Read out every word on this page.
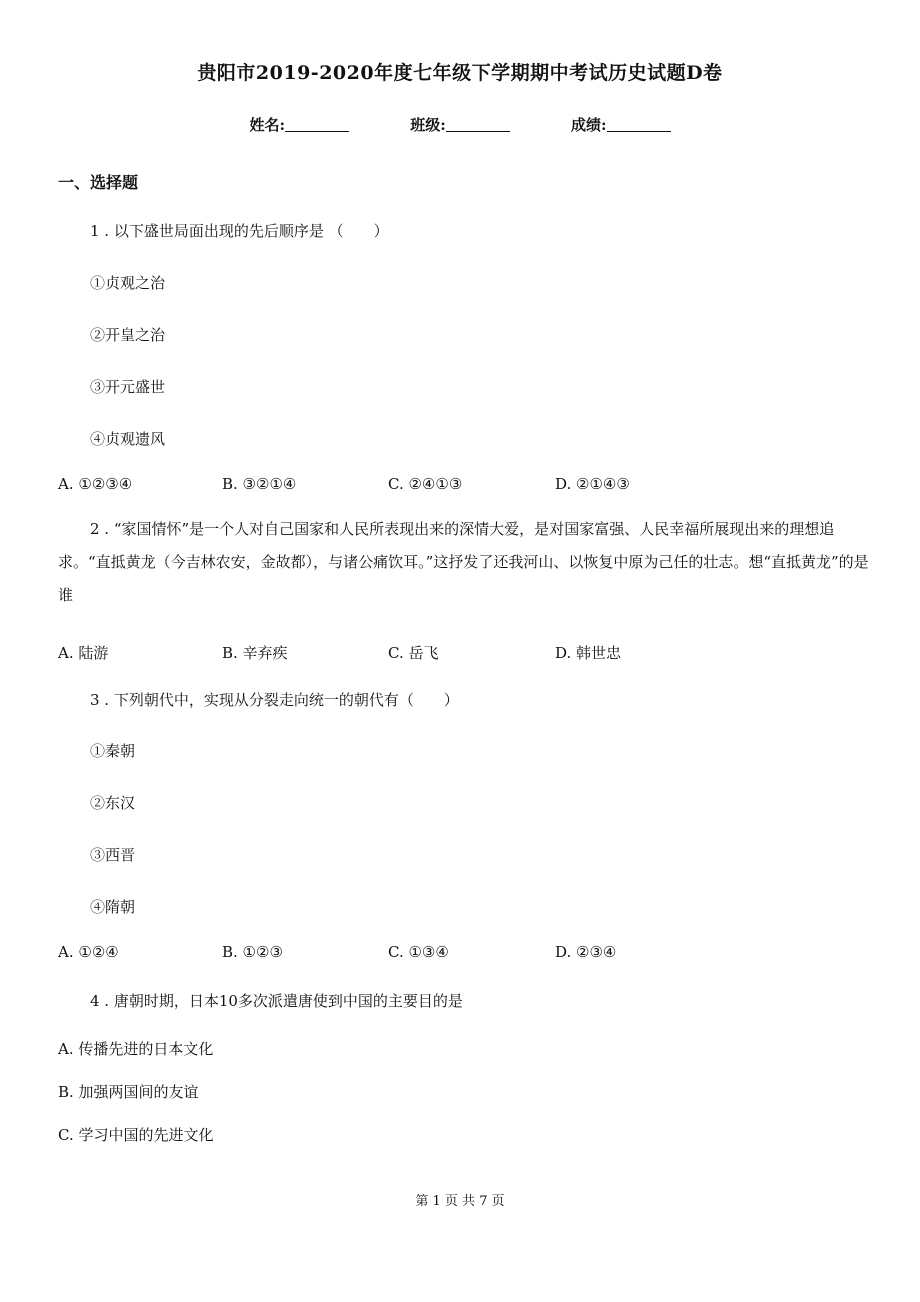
贵阳市2019-2020年度七年级下学期期中考试历史试题D卷
姓名:	班级:	成绩:
一、选择题
1 . 以下盛世局面出现的先后顺序是 （　　）
①贞观之治
②开皇之治
③开元盛世
④贞观遗风
A. ①②③④	B. ③②①④	C. ②④①③	D. ②①④③
2 . “家国情怀”是一个人对自己国家和人民所表现出来的深情大爱，是对国家富强、人民幸福所展现出来的理想追求。“直抵黄龙（今吉林农安，金故都），与诸公痛饮耳。”这抒发了还我河山、以恢复中原为己任的壮志。想“直抵黄龙”的是谁
A. 陆游	B. 辛弃疾	C. 岳飞	D. 韩世忠
3 . 下列朝代中，实现从分裂走向统一的朝代有（　　）
①秦朝
②东汉
③西晋
④隋朝
A. ①②④	B. ①②③	C. ①③④	D. ②③④
4 . 唐朝时期，日本10多次派遣唐使到中国的主要目的是
A. 传播先进的日本文化
B. 加强两国间的友谊
C. 学习中国的先进文化
第 1 页 共 7 页
